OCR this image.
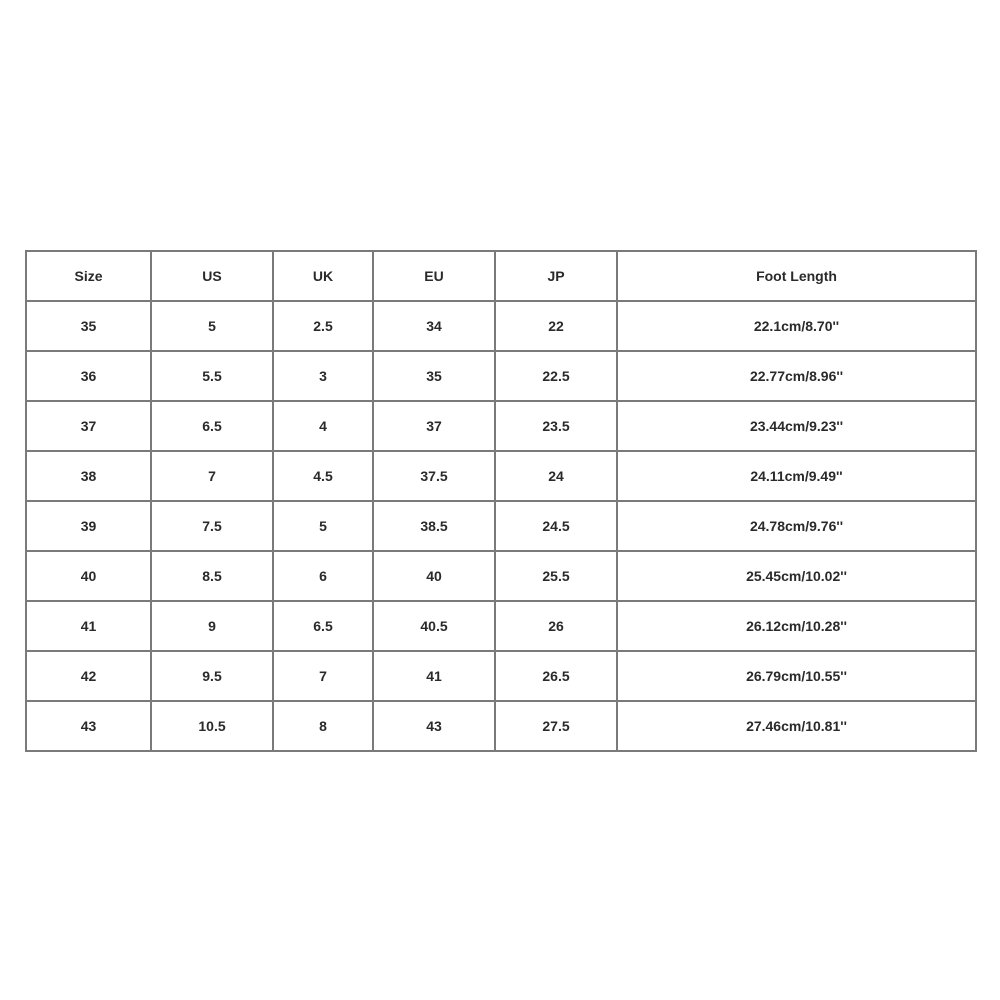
Size	US	UK	EU	JP	Foot Length
35	5	2.5	34	22	22.1cm/8.70''
36	5.5	3	35	22.5	22.77cm/8.96''
37	6.5	4	37	23.5	23.44cm/9.23''
38	7	4.5	37.5	24	24.11cm/9.49''
39	7.5	5	38.5	24.5	24.78cm/9.76''
40	8.5	6	40	25.5	25.45cm/10.02''
41	9	6.5	40.5	26	26.12cm/10.28''
42	9.5	7	41	26.5	26.79cm/10.55''
43	10.5	8	43	27.5	27.46cm/10.81''
